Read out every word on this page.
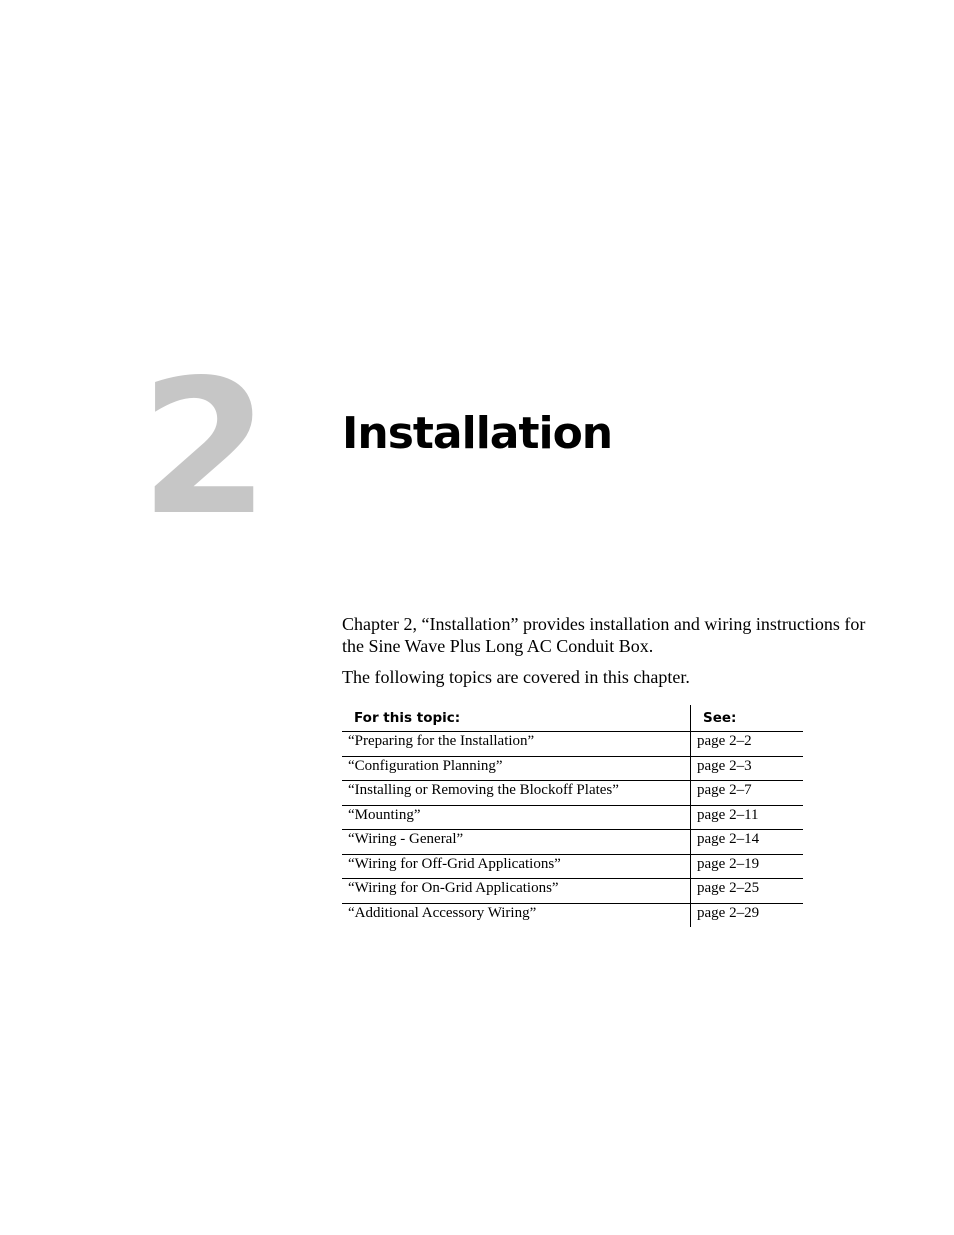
2 Installation

Chapter 2, “Installation” provides installation and wiring instructions for the Sine Wave Plus Long AC Conduit Box.

The following topics are covered in this chapter.

For this topic:	See:
“Preparing for the Installation”	page 2–2
“Configuration Planning”	page 2–3
“Installing or Removing the Blockoff Plates”	page 2–7
“Mounting”	page 2–11
“Wiring - General”	page 2–14
“Wiring for Off-Grid Applications”	page 2–19
“Wiring for On-Grid Applications”	page 2–25
“Additional Accessory Wiring”	page 2–29
